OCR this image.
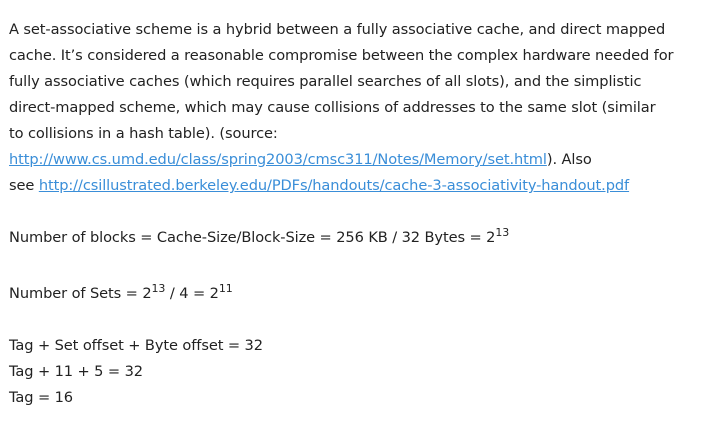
A set-associative scheme is a hybrid between a fully associative cache, and direct mapped
cache. It’s considered a reasonable compromise between the complex hardware needed for
fully associative caches (which requires parallel searches of all slots), and the simplistic
direct-mapped scheme, which may cause collisions of addresses to the same slot (similar
to collisions in a hash table). (source:
http://www.cs.umd.edu/class/spring2003/cmsc311/Notes/Memory/set.html). Also
see http://csillustrated.berkeley.edu/PDFs/handouts/cache-3-associativity-handout.pdf
Number of blocks = Cache-Size/Block-Size = 256 KB / 32 Bytes = $2^{13}$
Number of Sets = $2^{13} / 4 = 2^{11}$
Tag + Set offset + Byte offset = 32
Tag + 11 + 5 = 32
Tag = 16
